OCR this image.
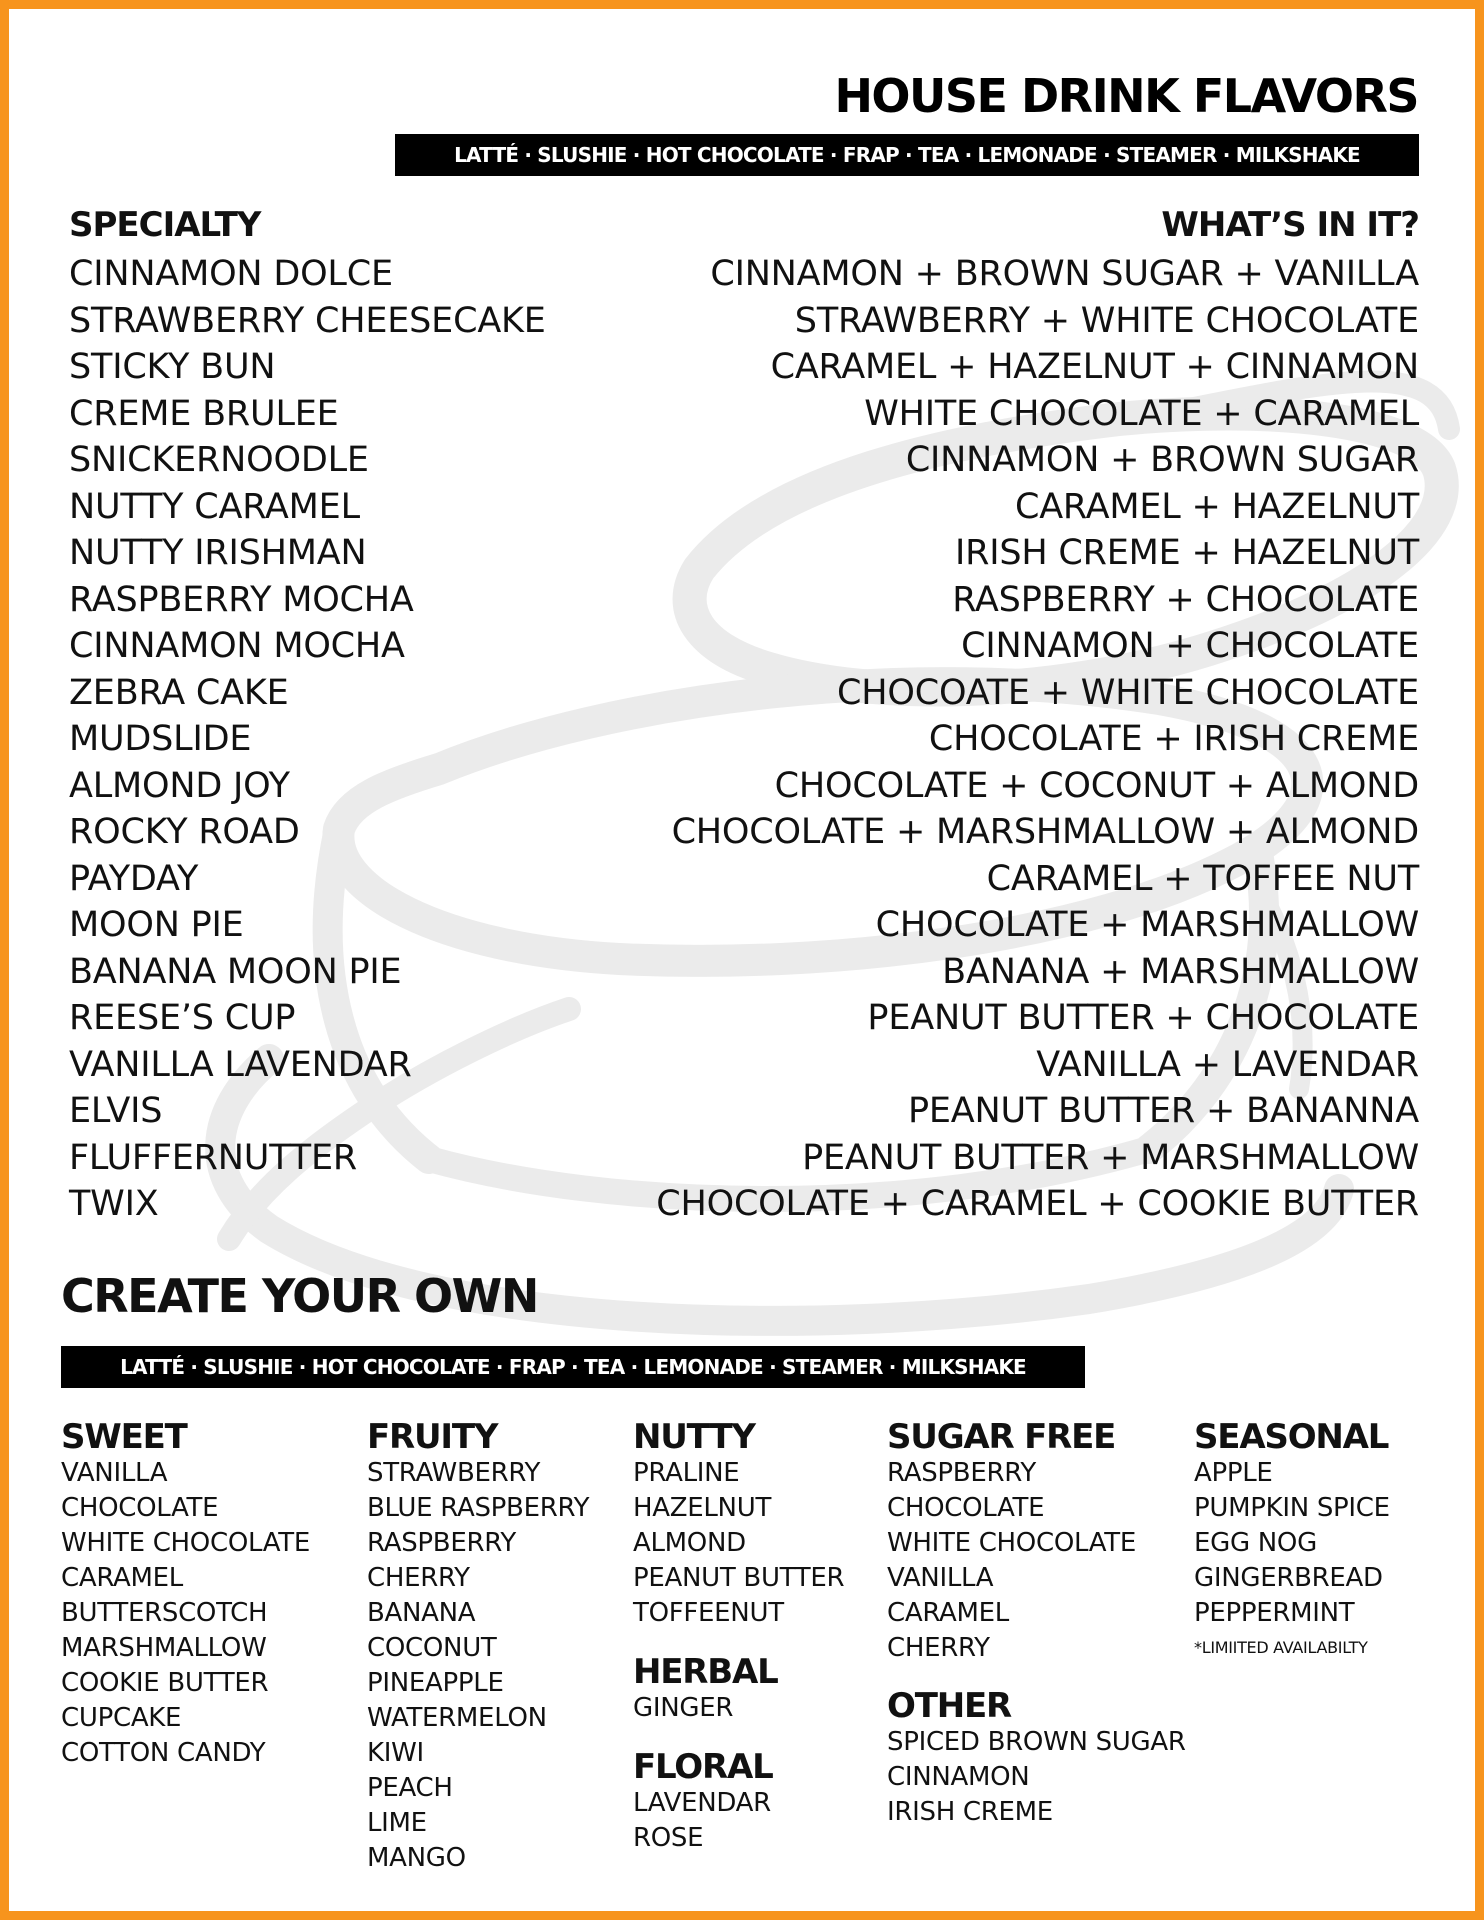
HOUSE DRINK FLAVORS
LATTÉ · SLUSHIE · HOT CHOCOLATE · FRAP · TEA · LEMONADE · STEAMER · MILKSHAKE
SPECIALTY	WHAT’S IN IT?
CINNAMON DOLCE
STRAWBERRY CHEESECAKE
STICKY BUN
CREME BRULEE
SNICKERNOODLE
NUTTY CARAMEL
NUTTY IRISHMAN
RASPBERRY MOCHA
CINNAMON MOCHA
ZEBRA CAKE
MUDSLIDE
ALMOND JOY
ROCKY ROAD
PAYDAY
MOON PIE
BANANA MOON PIE
REESE’S CUP
VANILLA LAVENDAR
ELVIS
FLUFFERNUTTER
TWIX
CINNAMON + BROWN SUGAR + VANILLA
STRAWBERRY + WHITE CHOCOLATE
CARAMEL + HAZELNUT + CINNAMON
WHITE CHOCOLATE + CARAMEL
CINNAMON + BROWN SUGAR
CARAMEL + HAZELNUT
IRISH CREME + HAZELNUT
RASPBERRY + CHOCOLATE
CINNAMON + CHOCOLATE
CHOCOATE + WHITE CHOCOLATE
CHOCOLATE + IRISH CREME
CHOCOLATE + COCONUT + ALMOND
CHOCOLATE + MARSHMALLOW + ALMOND
CARAMEL + TOFFEE NUT
CHOCOLATE + MARSHMALLOW
BANANA + MARSHMALLOW
PEANUT BUTTER + CHOCOLATE
VANILLA + LAVENDAR
PEANUT BUTTER + BANANNA
PEANUT BUTTER + MARSHMALLOW
CHOCOLATE + CARAMEL + COOKIE BUTTER
CREATE YOUR OWN
LATTÉ · SLUSHIE · HOT CHOCOLATE · FRAP · TEA · LEMONADE · STEAMER · MILKSHAKE
SWEET
VANILLA
CHOCOLATE
WHITE CHOCOLATE
CARAMEL
BUTTERSCOTCH
MARSHMALLOW
COOKIE BUTTER
CUPCAKE
COTTON CANDY
FRUITY
STRAWBERRY
BLUE RASPBERRY
RASPBERRY
CHERRY
BANANA
COCONUT
PINEAPPLE
WATERMELON
KIWI
PEACH
LIME
MANGO
NUTTY
PRALINE
HAZELNUT
ALMOND
PEANUT BUTTER
TOFFEENUT
HERBAL
GINGER
FLORAL
LAVENDAR
ROSE
SUGAR FREE
RASPBERRY
CHOCOLATE
WHITE CHOCOLATE
VANILLA
CARAMEL
CHERRY
OTHER
SPICED BROWN SUGAR
CINNAMON
IRISH CREME
SEASONAL
APPLE
PUMPKIN SPICE
EGG NOG
GINGERBREAD
PEPPERMINT
*LIMIITED AVAILABILTY
